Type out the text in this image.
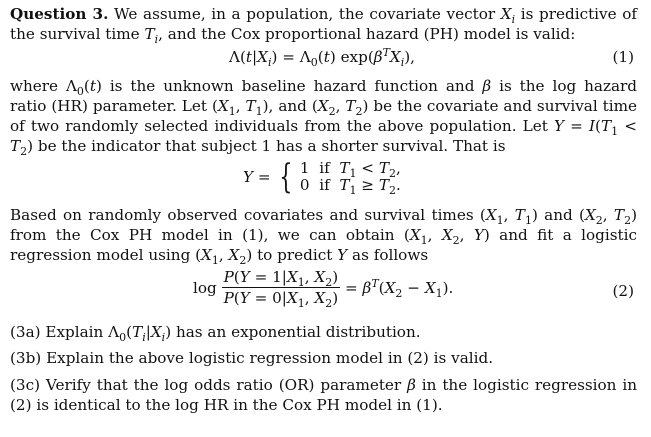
Question 3. We assume, in a population, the covariate vector $X_i$ is predictive of the survival time $T_i$, and the Cox proportional hazard (PH) model is valid:
$\Lambda(t|X_i) = \Lambda_0(t)$ $\exp(\beta^TX_i)$,	(1)
where $\Lambda_0(t)$ is the unknown baseline hazard function and β is the log hazard ratio (HR) parameter. Let ($X_1$, $T_1$), and ($X_2$, $T_2$) be the covariate and survival time of two randomly selected individuals from the above population. Let $Y = I(T_1 < T_2)$ be the indicator that subject 1 has a shorter survival. That is
Y = { 1  if  $T_1 < T_2$,
0  if  $T_1 \ge T_2$.
Based on randomly observed covariates and survival times ($X_1$, $T_1$) and ($X_2$, $T_2$) from the Cox PH model in (1), we can obtain ($X_1$, $X_2$, Y) and fit a logistic regression model using ($X_1$, $X_2$) to predict Y as follows
$\log \frac{P(Y = 1|X_1, X_2)}{P(Y = 0|X_1, X_2)} = \beta^T(X_2 - X_1)$.	(2)
(3a) Explain $\Lambda_0(T_i|X_i)$ has an exponential distribution.
(3b) Explain the above logistic regression model in (2) is valid.
(3c) Verify that the log odds ratio (OR) parameter β in the logistic regression in (2) is identical to the log HR in the Cox PH model in (1).
